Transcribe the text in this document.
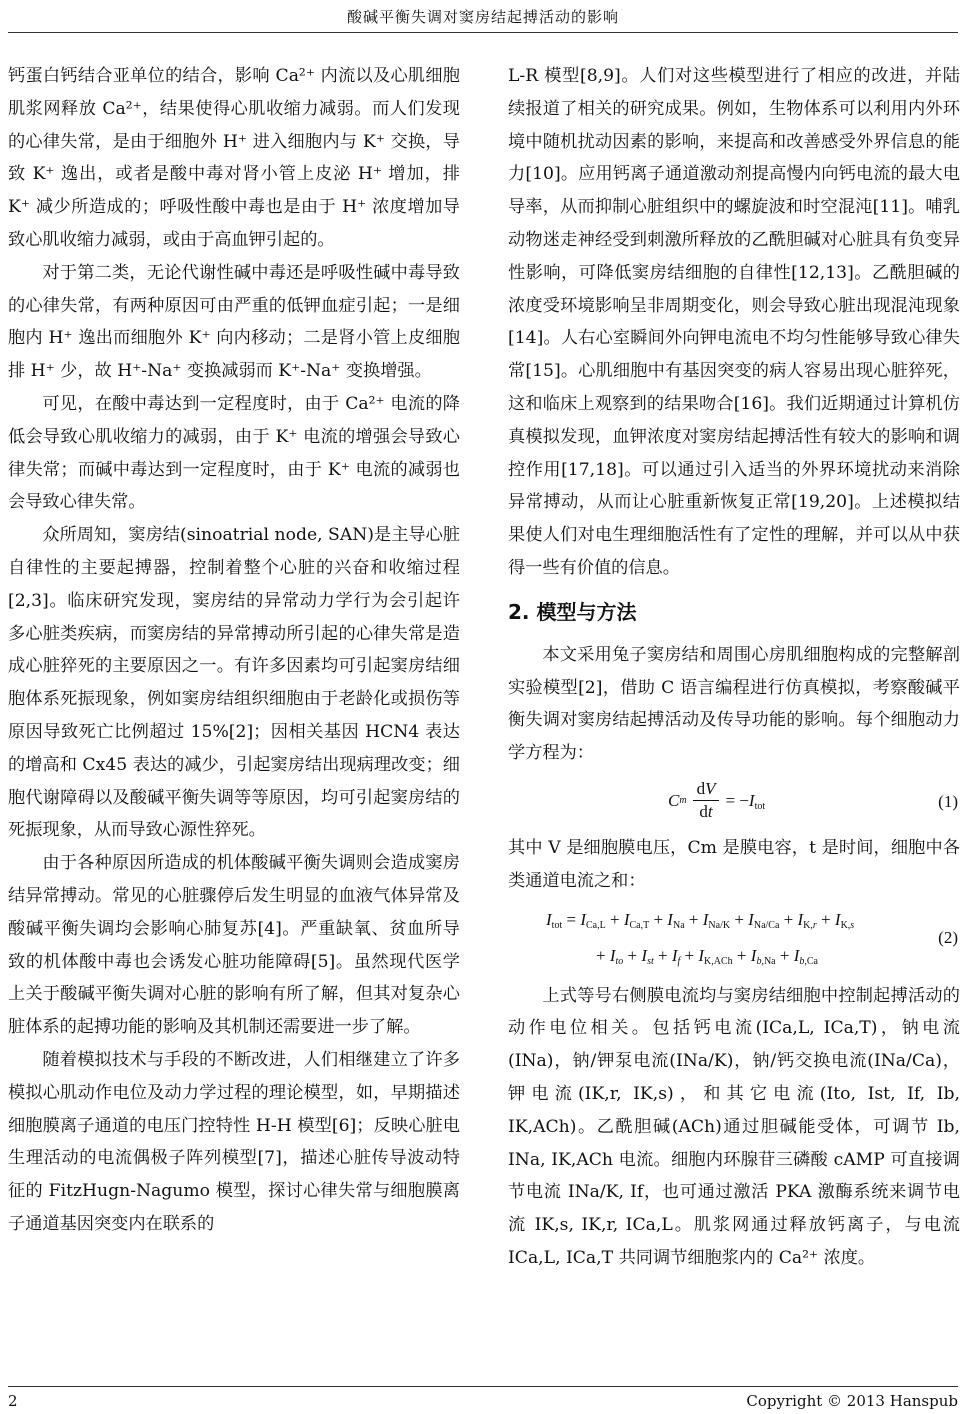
酸碱平衡失调对窦房结起搏活动的影响

钙蛋白钙结合亚单位的结合，影响 Ca²⁺ 内流以及心肌细胞肌浆网释放 Ca²⁺，结果使得心肌收缩力减弱。而人们发现的心律失常，是由于细胞外 H⁺ 进入细胞内与 K⁺ 交换，导致 K⁺ 逸出，或者是酸中毒对肾小管上皮泌 H⁺ 增加，排 K⁺ 减少所造成的；呼吸性酸中毒也是由于 H⁺ 浓度增加导致心肌收缩力减弱，或由于高血钾引起的。

对于第二类，无论代谢性碱中毒还是呼吸性碱中毒导致的心律失常，有两种原因可由严重的低钾血症引起；一是细胞内 H⁺ 逸出而细胞外 K⁺ 向内移动；二是肾小管上皮细胞排 H⁺ 少，故 H⁺-Na⁺ 变换减弱而 K⁺-Na⁺ 变换增强。

可见，在酸中毒达到一定程度时，由于 Ca²⁺ 电流的降低会导致心肌收缩力的减弱，由于 K⁺ 电流的增强会导致心律失常；而碱中毒达到一定程度时，由于 K⁺ 电流的减弱也会导致心律失常。

众所周知，窦房结(sinoatrial node, SAN)是主导心脏自律性的主要起搏器，控制着整个心脏的兴奋和收缩过程[2,3]。临床研究发现，窦房结的异常动力学行为会引起许多心脏类疾病，而窦房结的异常搏动所引起的心律失常是造成心脏猝死的主要原因之一。有许多因素均可引起窦房结细胞体系死振现象，例如窦房结组织细胞由于老龄化或损伤等原因导致死亡比例超过 15%[2]；因相关基因 HCN4 表达的增高和 Cx45 表达的减少，引起窦房结出现病理改变；细胞代谢障碍以及酸碱平衡失调等等原因，均可引起窦房结的死振现象，从而导致心源性猝死。

由于各种原因所造成的机体酸碱平衡失调则会造成窦房结异常搏动。常见的心脏骤停后发生明显的血液气体异常及酸碱平衡失调均会影响心肺复苏[4]。严重缺氧、贫血所导致的机体酸中毒也会诱发心脏功能障碍[5]。虽然现代医学上关于酸碱平衡失调对心脏的影响有所了解，但其对复杂心脏体系的起搏功能的影响及其机制还需要进一步了解。

随着模拟技术与手段的不断改进，人们相继建立了许多模拟心肌动作电位及动力学过程的理论模型，如，早期描述细胞膜离子通道的电压门控特性 H-H 模型[6]；反映心脏电生理活动的电流偶极子阵列模型[7]，描述心脏传导波动特征的 FitzHugn-Nagumo 模型，探讨心律失常与细胞膜离子通道基因突变内在联系的

L-R 模型[8,9]。人们对这些模型进行了相应的改进，并陆续报道了相关的研究成果。例如，生物体系可以利用内外环境中随机扰动因素的影响，来提高和改善感受外界信息的能力[10]。应用钙离子通道激动剂提高慢内向钙电流的最大电导率，从而抑制心脏组织中的螺旋波和时空混沌[11]。哺乳动物迷走神经受到刺激所释放的乙酰胆碱对心脏具有负变异性影响，可降低窦房结细胞的自律性[12,13]。乙酰胆碱的浓度受环境影响呈非周期变化，则会导致心脏出现混沌现象[14]。人右心室瞬间外向钾电流电不均匀性能够导致心律失常[15]。心肌细胞中有基因突变的病人容易出现心脏猝死，这和临床上观察到的结果吻合[16]。我们近期通过计算机仿真模拟发现，血钾浓度对窦房结起搏活性有较大的影响和调控作用[17,18]。可以通过引入适当的外界环境扰动来消除异常搏动，从而让心脏重新恢复正常[19,20]。上述模拟结果使人们对电生理细胞活性有了定性的理解，并可以从中获得一些有价值的信息。

2. 模型与方法

本文采用兔子窦房结和周围心房肌细胞构成的完整解剖实验模型[2]，借助 C 语言编程进行仿真模拟，考察酸碱平衡失调对窦房结起搏活动及传导功能的影响。每个细胞动力学方程为：

C m $\frac{dV}{dt} = -I_{tot}$	(1)

其中 V 是细胞膜电压，Cm 是膜电容，t 是时间，细胞中各类通道电流之和：

$I_{tot} = I_{Ca,L} + I_{Ca,T} + I_{Na} + I_{Na/K} + I_{Na/Ca} + I_{K,r} + I_{K,s}$
+ $I_{to} + I_{st} + I_f + I_{K,ACh} + I_{b,Na} + I_{b,Ca}$
(2)

上式等号右侧膜电流均与窦房结细胞中控制起搏活动的动作电位相关。包括钙电流(ICa,L, ICa,T)，钠电流(INa)，钠/钾泵电流(INa/K)，钠/钙交换电流(INa/Ca)，钾电流(IK,r, IK,s)，和其它电流(Ito, Ist, If, Ib, IK,ACh)。乙酰胆碱(ACh)通过胆碱能受体，可调节 Ib, INa, IK,ACh 电流。细胞内环腺苷三磷酸 cAMP 可直接调节电流 INa/K, If，也可通过激活 PKA 激酶系统来调节电流 IK,s, IK,r, ICa,L。肌浆网通过释放钙离子，与电流 ICa,L, ICa,T 共同调节细胞浆内的 Ca²⁺ 浓度。

2	Copyright © 2013 Hanspub
